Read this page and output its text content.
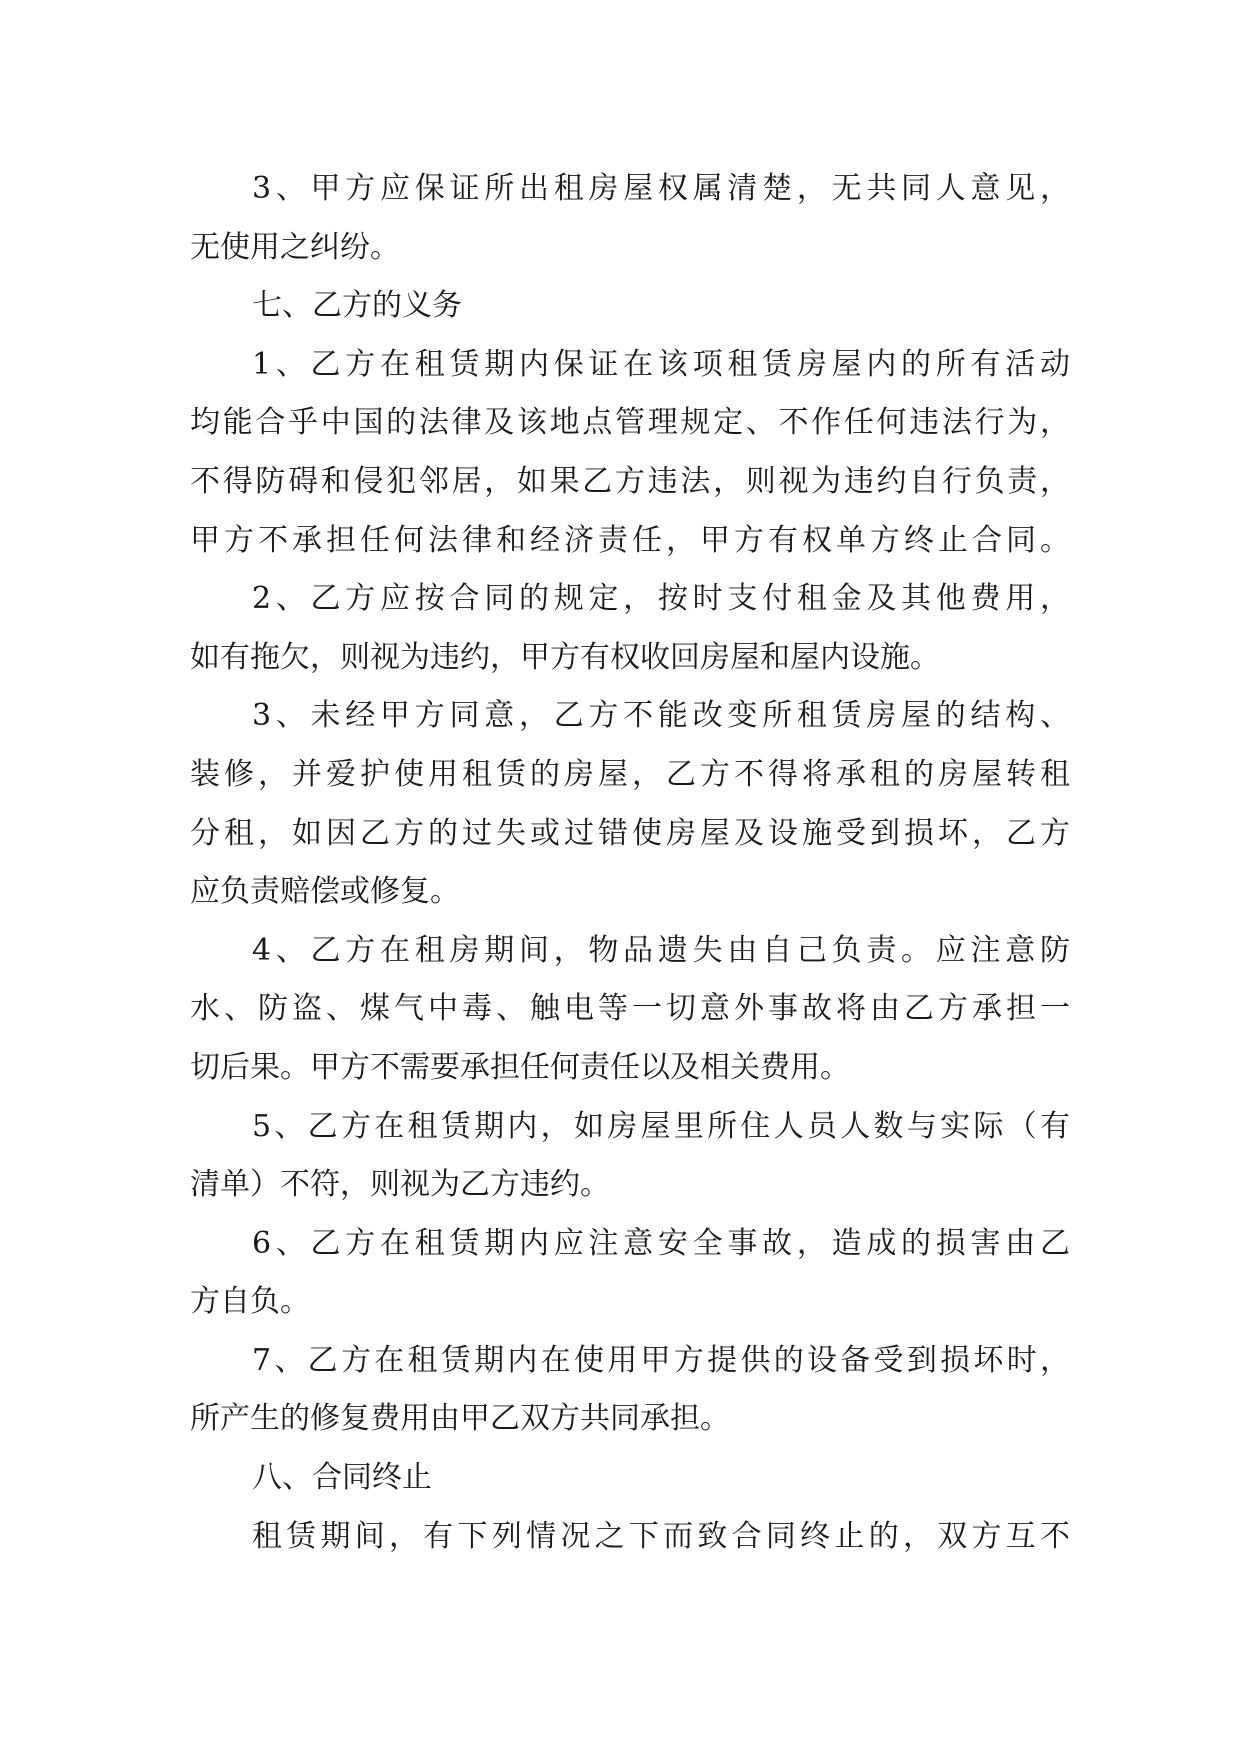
3、甲方应保证所出租房屋权属清楚，无共同人意见，
无使用之纠纷。
七、乙方的义务
1、乙方在租赁期内保证在该项租赁房屋内的所有活动
均能合乎中国的法律及该地点管理规定、不作任何违法行为，
不得防碍和侵犯邻居，如果乙方违法，则视为违约自行负责，
甲方不承担任何法律和经济责任，甲方有权单方终止合同。
2、乙方应按合同的规定，按时支付租金及其他费用，
如有拖欠，则视为违约，甲方有权收回房屋和屋内设施。
3、未经甲方同意，乙方不能改变所租赁房屋的结构、
装修，并爱护使用租赁的房屋，乙方不得将承租的房屋转租
分租，如因乙方的过失或过错使房屋及设施受到损坏，乙方
应负责赔偿或修复。
4、乙方在租房期间，物品遗失由自己负责。应注意防
水、防盗、煤气中毒、触电等一切意外事故将由乙方承担一
切后果。甲方不需要承担任何责任以及相关费用。
5、乙方在租赁期内，如房屋里所住人员人数与实际（有
清单）不符，则视为乙方违约。
6、乙方在租赁期内应注意安全事故，造成的损害由乙
方自负。
7、乙方在租赁期内在使用甲方提供的设备受到损坏时，
所产生的修复费用由甲乙双方共同承担。
八、合同终止
租赁期间，有下列情况之下而致合同终止的，双方互不
